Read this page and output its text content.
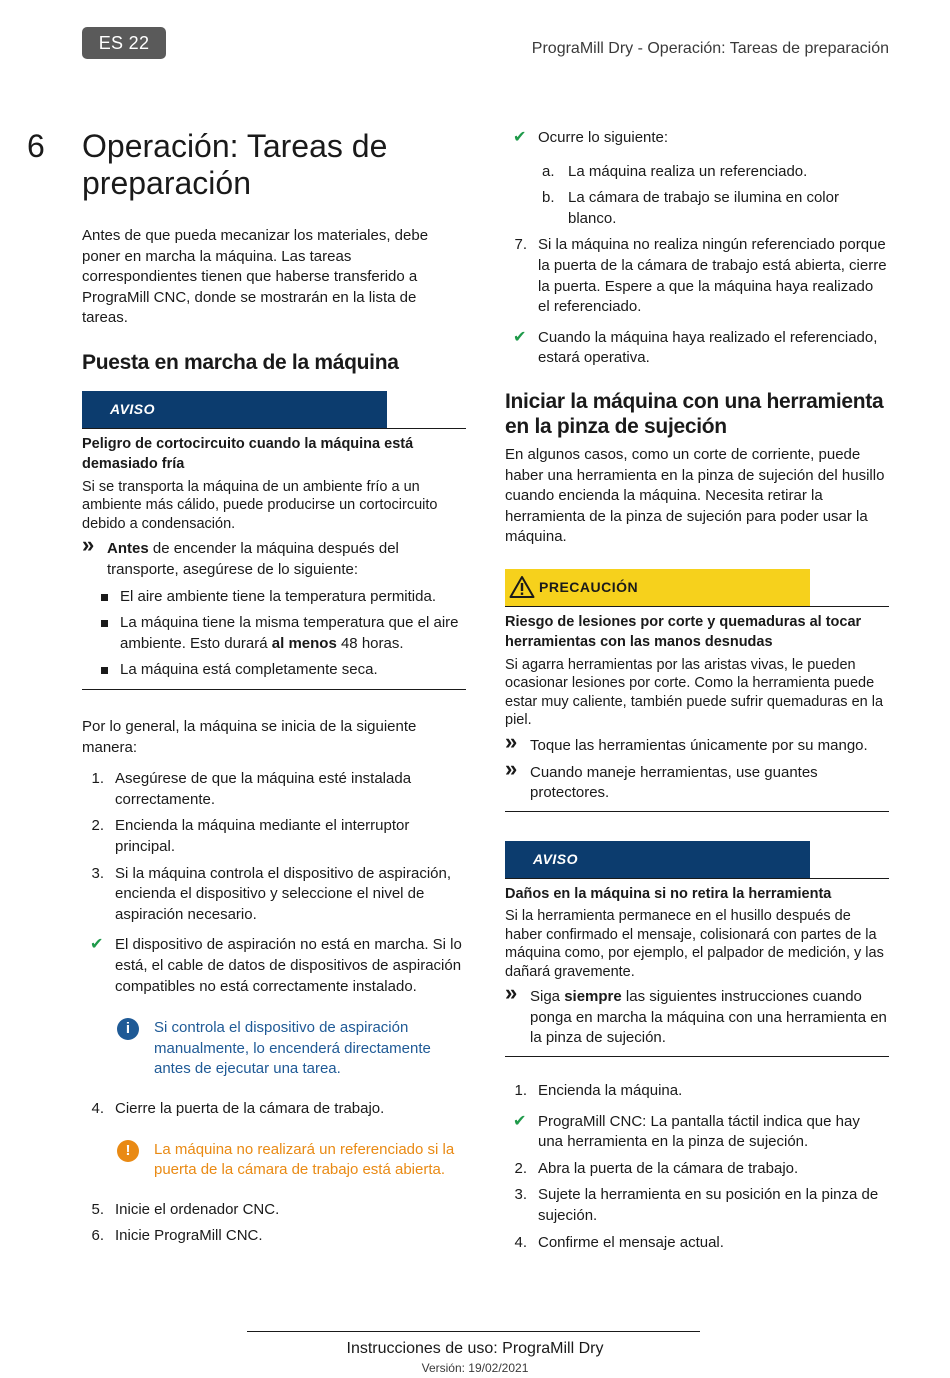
ES 22	PrograMill Dry - Operación: Tareas de preparación
6 Operación: Tareas de preparación

Antes de que pueda mecanizar los materiales, debe poner en marcha la máquina. Las tareas correspondientes tienen que haberse transferido a PrograMill CNC, donde se mostrarán en la lista de tareas.

Puesta en marcha de la máquina
AVISO
Peligro de cortocircuito cuando la máquina está demasiado fría
Si se transporta la máquina de un ambiente frío a un ambiente más cálido, puede producirse un cortocircuito debido a condensación.
» Antes de encender la máquina después del transporte, asegúrese de lo siguiente:
El aire ambiente tiene la temperatura permitida.
La máquina tiene la misma temperatura que el aire ambiente. Esto durará al menos 48 horas.
La máquina está completamente seca.

Por lo general, la máquina se inicia de la siguiente manera:

1. Asegúrese de que la máquina esté instalada correctamente.
2. Encienda la máquina mediante el interruptor principal.
3. Si la máquina controla el dispositivo de aspiración, encienda el dispositivo y seleccione el nivel de aspiración necesario.
✔ El dispositivo de aspiración no está en marcha. Si lo está, el cable de datos de dispositivos de aspiración compatibles no está correctamente instalado.
i	Si controla el dispositivo de aspiración manualmente, lo encenderá directamente antes de ejecutar una tarea.
4. Cierre la puerta de la cámara de trabajo.
!	La máquina no realizará un referenciado si la puerta de la cámara de trabajo está abierta.
5. Inicie el ordenador CNC.
6. Inicie PrograMill CNC.
✔ Ocurre lo siguiente:
a. La máquina realiza un referenciado.
b. La cámara de trabajo se ilumina en color blanco.
7. Si la máquina no realiza ningún referenciado porque la puerta de la cámara de trabajo está abierta, cierre la puerta. Espere a que la máquina haya realizado el referenciado.
✔ Cuando la máquina haya realizado el referenciado, estará operativa.
Iniciar la máquina con una herramienta en la pinza de sujeción

En algunos casos, como un corte de corriente, puede haber una herramienta en la pinza de sujeción del husillo cuando encienda la máquina. Necesita retirar la herramienta de la pinza de sujeción para poder usar la máquina.

PRECAUCIÓN
Riesgo de lesiones por corte y quemaduras al tocar herramientas con las manos desnudas
Si agarra herramientas por las aristas vivas, le pueden ocasionar lesiones por corte. Como la herramienta puede estar muy caliente, también puede sufrir quemaduras en la piel.
» Toque las herramientas únicamente por su mango.
» Cuando maneje herramientas, use guantes protectores.
AVISO
Daños en la máquina si no retira la herramienta
Si la herramienta permanece en el husillo después de haber confirmado el mensaje, colisionará con partes de la máquina como, por ejemplo, el palpador de medición, y las dañará gravemente.
» Siga siempre las siguientes instrucciones cuando ponga en marcha la máquina con una herramienta en la pinza de sujeción.
1. Encienda la máquina.
✔ PrograMill CNC: La pantalla táctil indica que hay una herramienta en la pinza de sujeción.
2. Abra la puerta de la cámara de trabajo.
3. Sujete la herramienta en su posición en la pinza de sujeción.
4. Confirme el mensaje actual.
Instrucciones de uso: PrograMill Dry
Versión: 19/02/2021
